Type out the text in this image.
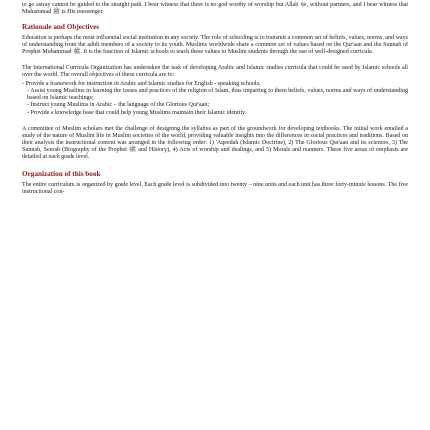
to go astray cannot be guided to the straight path. I bear witness that there is no god worthy of worship but Allah ﷻ, without partners, and I bear witness that Muhammad ﷺ is His messenger.

Rationale and Objectives

Education is perhaps the most influential social institution in any society. The role of schooling is to transmit a common set of beliefs, values, norms, and ways of understanding from the adult members of a society to its youth. Muslims worldwide share a common set of values based on the Qur'aan and the Sunnah of Prophet Muhammad ﷺ. It is the function of Islamic schools to teach these values to Muslim students through the use of well-designed curricula.

The International Curricula Organization has undertaken the task of developing Arabic and Islamic studies curricula that could be used by Islamic schools all over the world. The overall objectives of these curricula are to:

- Provide a framework for instruction in Arabic and Islamic studies for English - speaking schools;

- Assist young Muslims in learning the issues and practices of the religion of Islam, thus imparting to them beliefs, values, norms and ways of understanding based on Islamic teachings;

- Instruct young Muslims in Arabic – the language of the Glorious Qur'aan;

- Provide a knowledge base that could help young Muslims maintain their Islamic identity.

A committee of Muslim scholars met the challenge of designing the syllabus as part of the groundwork for developing textbooks. The initial work entailed a study of the nature of Muslim life in Muslim societies of the world, providing valuable insights into the differences in social practices and traditions. Based on their analysis the instructional content was arranged in the following order: 1) 'Aqeedah (Islamic Doctrine), 2) The Glorious Qur'aan and its sciences, 3) The Sunnah, Seerah (Biography of the Prophet ﷺ and History), 4) Acts of worship and dealings, and 5) Morals and manners. These five areas of emphasis are detailed at each grade level.

Organization of this book

The entire curriculum is organized by grade level. Each grade level is subdivided into twenty – nine units and each unit has three forty-minute lessons. The five instructional con-
